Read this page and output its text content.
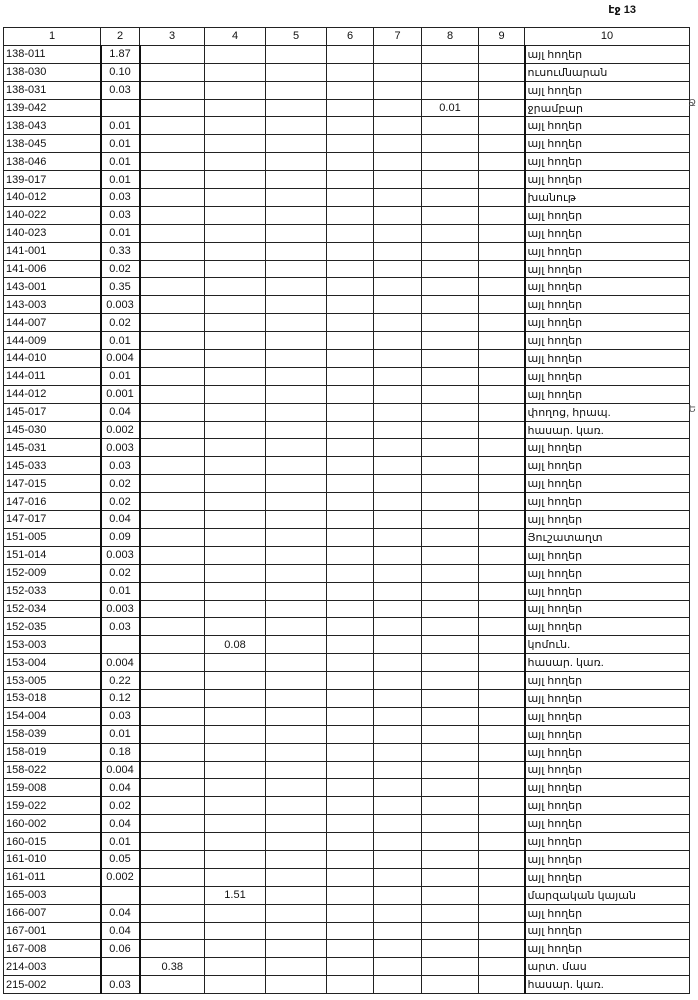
էջ 13
1	2	3	4	5	6	7	8	9	10
138-011	1.87								այլ հողեր
138-030	0.10								ուսումնարան
138-031	0.03								այլ հողեր
139-042							0.01		ջրամբար
138-043	0.01								այլ հողեր
138-045	0.01								այլ հողեր
138-046	0.01								այլ հողեր
139-017	0.01								այլ հողեր
140-012	0.03								խանութ
140-022	0.03								այլ հողեր
140-023	0.01								այլ հողեր
141-001	0.33								այլ հողեր
141-006	0.02								այլ հողեր
143-001	0.35								այլ հողեր
143-003	0.003								այլ հողեր
144-007	0.02								այլ հողեր
144-009	0.01								այլ հողեր
144-010	0.004								այլ հողեր
144-011	0.01								այլ հողեր
144-012	0.001								այլ հողեր
145-017	0.04								փողոց, հրապ.
145-030	0.002								հասար. կառ.
145-031	0.003								այլ հողեր
145-033	0.03								այլ հողեր
147-015	0.02								այլ հողեր
147-016	0.02								այլ հողեր
147-017	0.04								այլ հողեր
151-005	0.09								Յուշատաղտ
151-014	0.003								այլ հողեր
152-009	0.02								այլ հողեր
152-033	0.01								այլ հողեր
152-034	0.003								այլ հողեր
152-035	0.03								այլ հողեր
153-003			0.08						կոմուն.
153-004	0.004								հասար. կառ.
153-005	0.22								այլ հողեր
153-018	0.12								այլ հողեր
154-004	0.03								այլ հողեր
158-039	0.01								այլ հողեր
158-019	0.18								այլ հողեր
158-022	0.004								այլ հողեր
159-008	0.04								այլ հողեր
159-022	0.02								այլ հողեր
160-002	0.04								այլ հողեր
160-015	0.01								այլ հողեր
161-010	0.05								այլ հողեր
161-011	0.002								այլ հողեր
165-003			1.51						մարզական կայան
166-007	0.04								այլ հողեր
167-001	0.04								այլ հողեր
167-008	0.06								այլ հողեր
214-003		0.38							արտ. մաս
215-002	0.03								հասար. կառ.
Ջ
Ե
